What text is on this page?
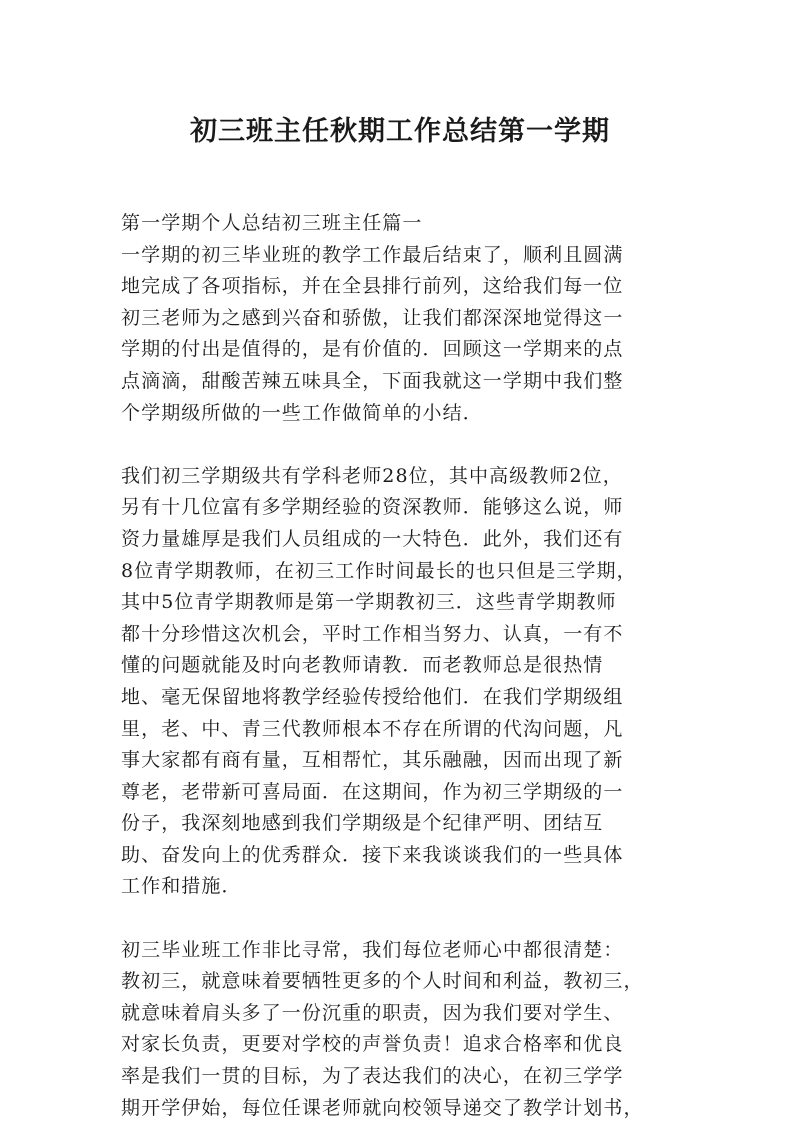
初三班主任秋期工作总结第一学期
第一学期个人总结初三班主任篇一
一学期的初三毕业班的教学工作最后结束了，顺利且圆满
地完成了各项指标，并在全县排行前列，这给我们每一位
初三老师为之感到兴奋和骄傲，让我们都深深地觉得这一
学期的付出是值得的，是有价值的．回顾这一学期来的点
点滴滴，甜酸苦辣五味具全，下面我就这一学期中我们整
个学期级所做的一些工作做简单的小结．
我们初三学期级共有学科老师28位，其中高级教师2位，
另有十几位富有多学期经验的资深教师．能够这么说，师
资力量雄厚是我们人员组成的一大特色．此外，我们还有
8位青学期教师，在初三工作时间最长的也只但是三学期，
其中5位青学期教师是第一学期教初三．这些青学期教师
都十分珍惜这次机会，平时工作相当努力、认真，一有不
懂的问题就能及时向老教师请教．而老教师总是很热情
地、毫无保留地将教学经验传授给他们．在我们学期级组
里，老、中、青三代教师根本不存在所谓的代沟问题，凡
事大家都有商有量，互相帮忙，其乐融融，因而出现了新
尊老，老带新可喜局面．在这期间，作为初三学期级的一
份子，我深刻地感到我们学期级是个纪律严明、团结互
助、奋发向上的优秀群众．接下来我谈谈我们的一些具体
工作和措施．
初三毕业班工作非比寻常，我们每位老师心中都很清楚：
教初三，就意味着要牺牲更多的个人时间和利益，教初三，
就意味着肩头多了一份沉重的职责，因为我们要对学生、
对家长负责，更要对学校的声誉负责！追求合格率和优良
率是我们一贯的目标，为了表达我们的决心，在初三学学
期开学伊始，每位任课老师就向校领导递交了教学计划书，
